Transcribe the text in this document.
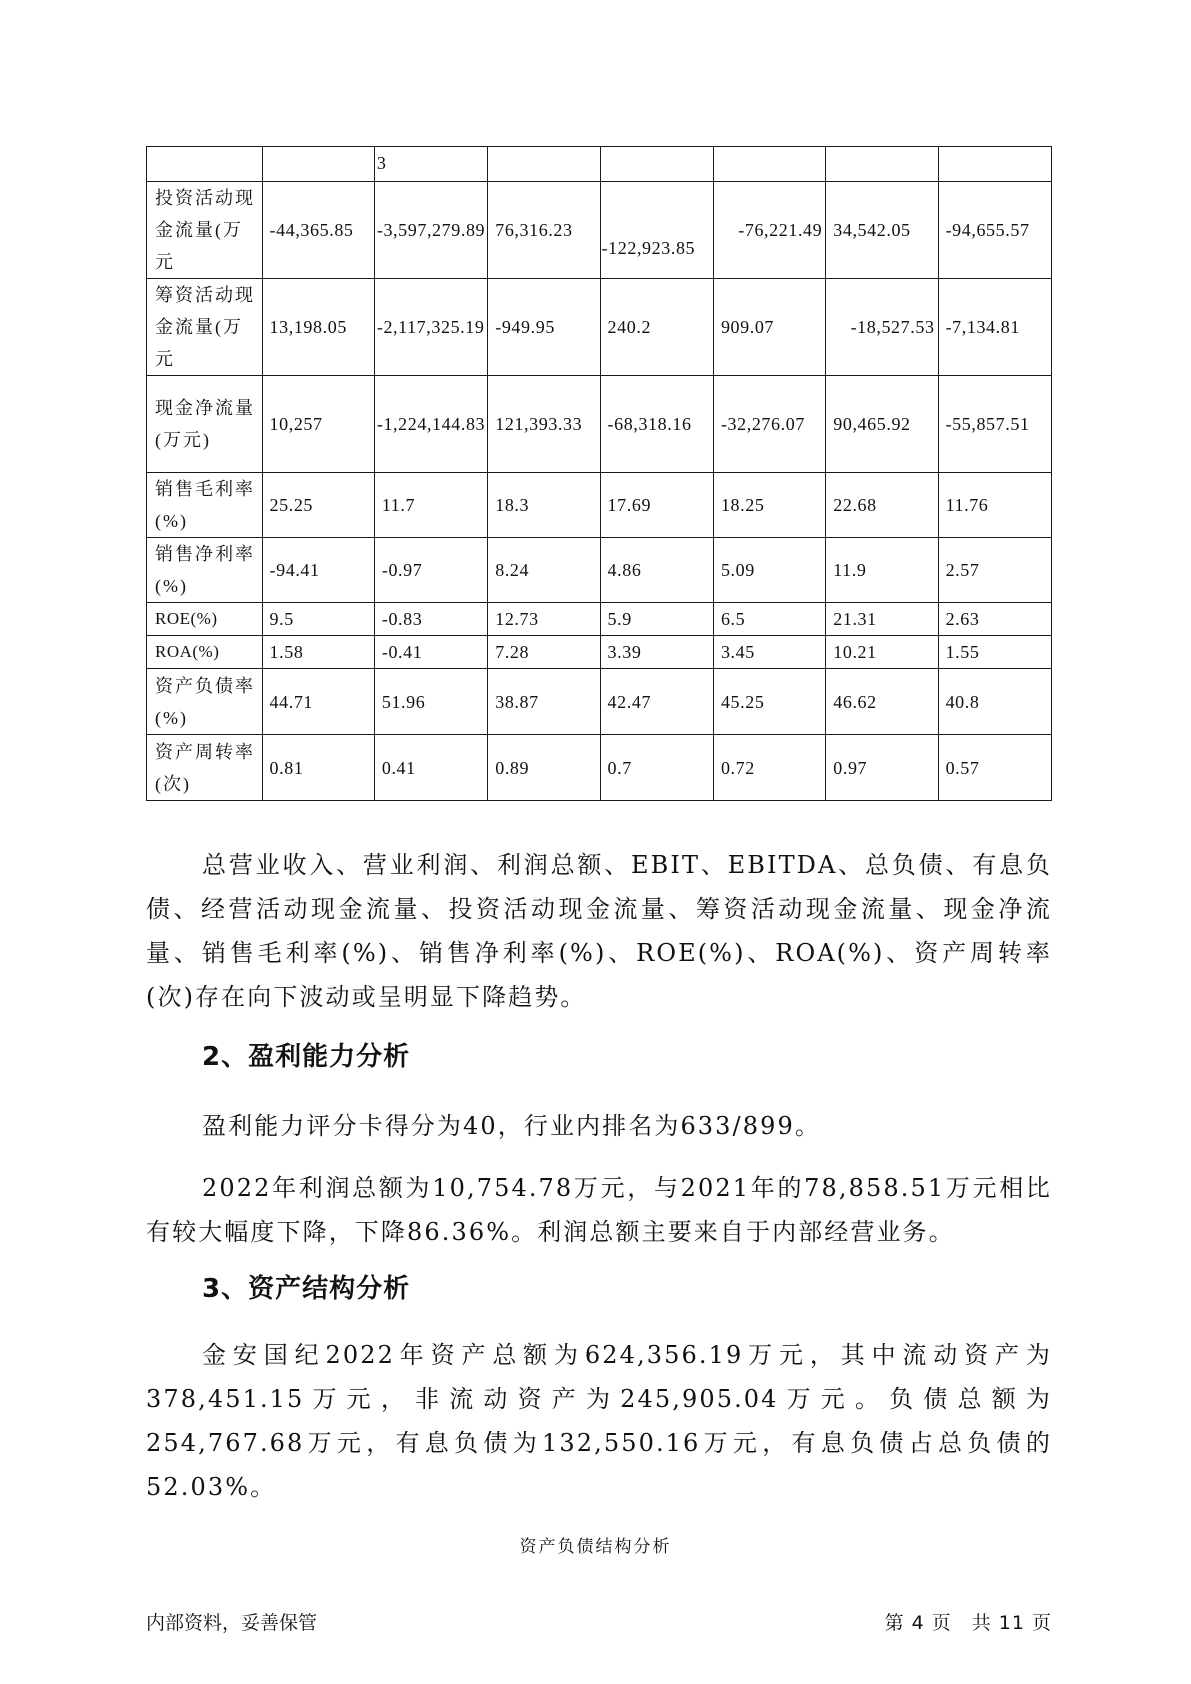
		3					
投资活动现金流量(万元	-44,365.85	-3,597,279.89	76,316.23	-122,923.85	-76,221.49	34,542.05	-94,655.57
筹资活动现金流量(万元	13,198.05	-2,117,325.19	-949.95	240.2	909.07	-18,527.53	-7,134.81
现金净流量(万元)	10,257	-1,224,144.83	121,393.33	-68,318.16	-32,276.07	90,465.92	-55,857.51
销售毛利率(%)	25.25	11.7	18.3	17.69	18.25	22.68	11.76
销售净利率(%)	-94.41	-0.97	8.24	4.86	5.09	11.9	2.57
ROE(%)	9.5	-0.83	12.73	5.9	6.5	21.31	2.63
ROA(%)	1.58	-0.41	7.28	3.39	3.45	10.21	1.55
资产负债率(%)	44.71	51.96	38.87	42.47	45.25	46.62	40.8
资产周转率(次)	0.81	0.41	0.89	0.7	0.72	0.97	0.57

总营业收入、营业利润、利润总额、EBIT、EBITDA、总负债、有息负债、经营活动现金流量、投资活动现金流量、筹资活动现金流量、现金净流量、销售毛利率(%)、销售净利率(%)、ROE(%)、ROA(%)、资产周转率(次)存在向下波动或呈明显下降趋势。

2、盈利能力分析

盈利能力评分卡得分为40，行业内排名为633/899。

2022年利润总额为10,754.78万元，与2021年的78,858.51万元相比有较大幅度下降，下降86.36%。利润总额主要来自于内部经营业务。

3、资产结构分析

金安国纪2022年资产总额为624,356.19万元，其中流动资产为378,451.15万元，非流动资产为245,905.04万元。负债总额为254,767.68万元，有息负债为132,550.16万元，有息负债占总负债的52.03%。

资产负债结构分析
内部资料，妥善保管	第 4 页　共 11 页
